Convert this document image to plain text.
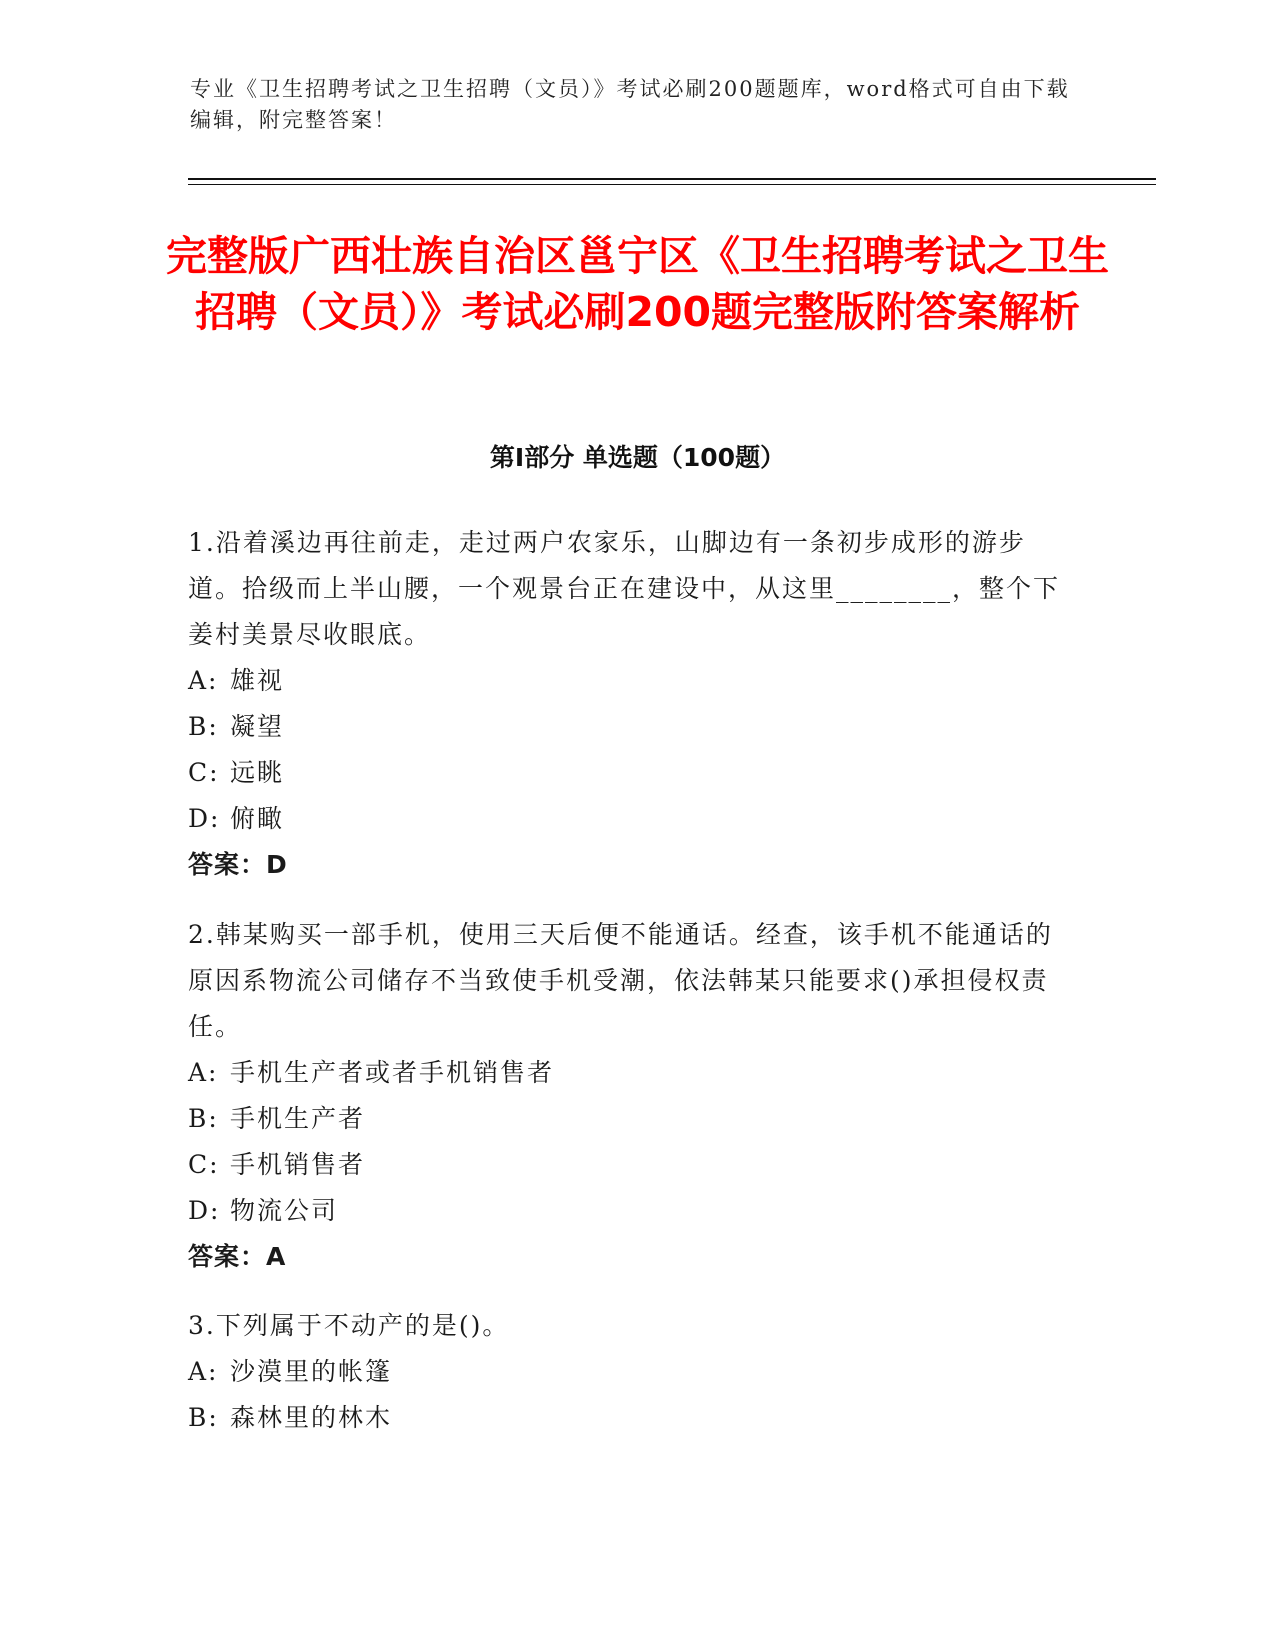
专业《卫生招聘考试之卫生招聘（文员）》考试必刷200题题库，word格式可自由下载编辑，附完整答案！
完整版广西壮族自治区邕宁区《卫生招聘考试之卫生招聘（文员）》考试必刷200题完整版附答案解析
第Ⅰ部分 单选题（100题）
1.沿着溪边再往前走，走过两户农家乐，山脚边有一条初步成形的游步道。拾级而上半山腰，一个观景台正在建设中，从这里________，整个下姜村美景尽收眼底。
A: 雄视
B: 凝望
C: 远眺
D: 俯瞰
答案：D
2.韩某购买一部手机，使用三天后便不能通话。经查，该手机不能通话的原因系物流公司储存不当致使手机受潮，依法韩某只能要求()承担侵权责任。
A: 手机生产者或者手机销售者
B: 手机生产者
C: 手机销售者
D: 物流公司
答案：A
3.下列属于不动产的是()。
A: 沙漠里的帐篷
B: 森林里的林木
